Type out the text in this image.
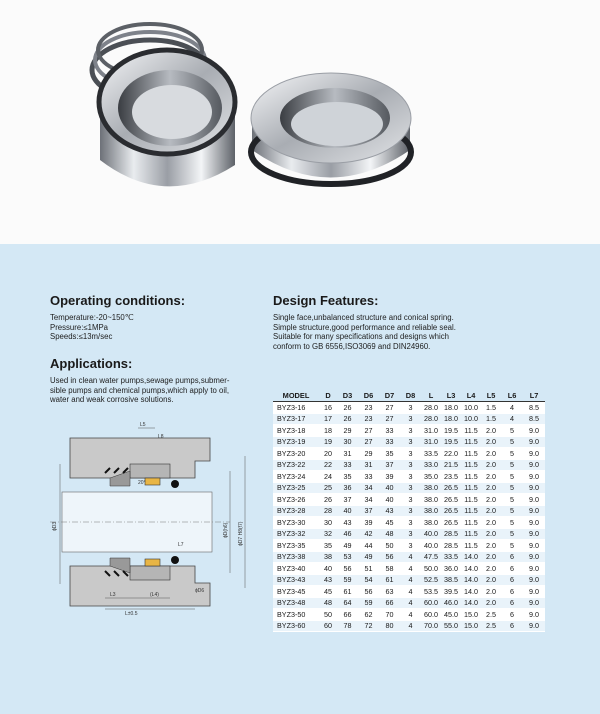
Operating conditions:
Temperature:-20~150℃
Pressure:≤1MPa
Speeds:≤13m/sec
Applications:
Used in clean water pumps,sewage pumps,submer-
sible pumps and chemical pumps,which apply to oil,
water and weak corrosive solutions.
Design Features:
Single face,unbalanced structure and conical spring.
Simple structure,good performance and reliable seal.
Suitable for many specifications and designs which
conform to GB 6556,ISO3069 and DIN24960.
L5
L8
20°
L7
ϕD6
ϕD3	ϕD7 H8(f7)
ϕD(h6)
L3	(L4)
L±0.5
MODEL	D	D3	D6	D7	D8	L	L3	L4	L5	L6	L7
BYZ3-16	16	26	23	27	3	28.0	18.0	10.0	1.5	4	8.5
BYZ3-17	17	26	23	27	3	28.0	18.0	10.0	1.5	4	8.5
BYZ3-18	18	29	27	33	3	31.0	19.5	11.5	2.0	5	9.0
BYZ3-19	19	30	27	33	3	31.0	19.5	11.5	2.0	5	9.0
BYZ3-20	20	31	29	35	3	33.5	22.0	11.5	2.0	5	9.0
BYZ3-22	22	33	31	37	3	33.0	21.5	11.5	2.0	5	9.0
BYZ3-24	24	35	33	39	3	35.0	23.5	11.5	2.0	5	9.0
BYZ3-25	25	36	34	40	3	38.0	26.5	11.5	2.0	5	9.0
BYZ3-26	26	37	34	40	3	38.0	26.5	11.5	2.0	5	9.0
BYZ3-28	28	40	37	43	3	38.0	26.5	11.5	2.0	5	9.0
BYZ3-30	30	43	39	45	3	38.0	26.5	11.5	2.0	5	9.0
BYZ3-32	32	46	42	48	3	40.0	28.5	11.5	2.0	5	9.0
BYZ3-35	35	49	44	50	3	40.0	28.5	11.5	2.0	5	9.0
BYZ3-38	38	53	49	56	4	47.5	33.5	14.0	2.0	6	9.0
BYZ3-40	40	56	51	58	4	50.0	36.0	14.0	2.0	6	9.0
BYZ3-43	43	59	54	61	4	52.5	38.5	14.0	2.0	6	9.0
BYZ3-45	45	61	56	63	4	53.5	39.5	14.0	2.0	6	9.0
BYZ3-48	48	64	59	66	4	60.0	46.0	14.0	2.0	6	9.0
BYZ3-50	50	66	62	70	4	60.0	45.0	15.0	2.5	6	9.0
BYZ3-60	60	78	72	80	4	70.0	55.0	15.0	2.5	6	9.0
